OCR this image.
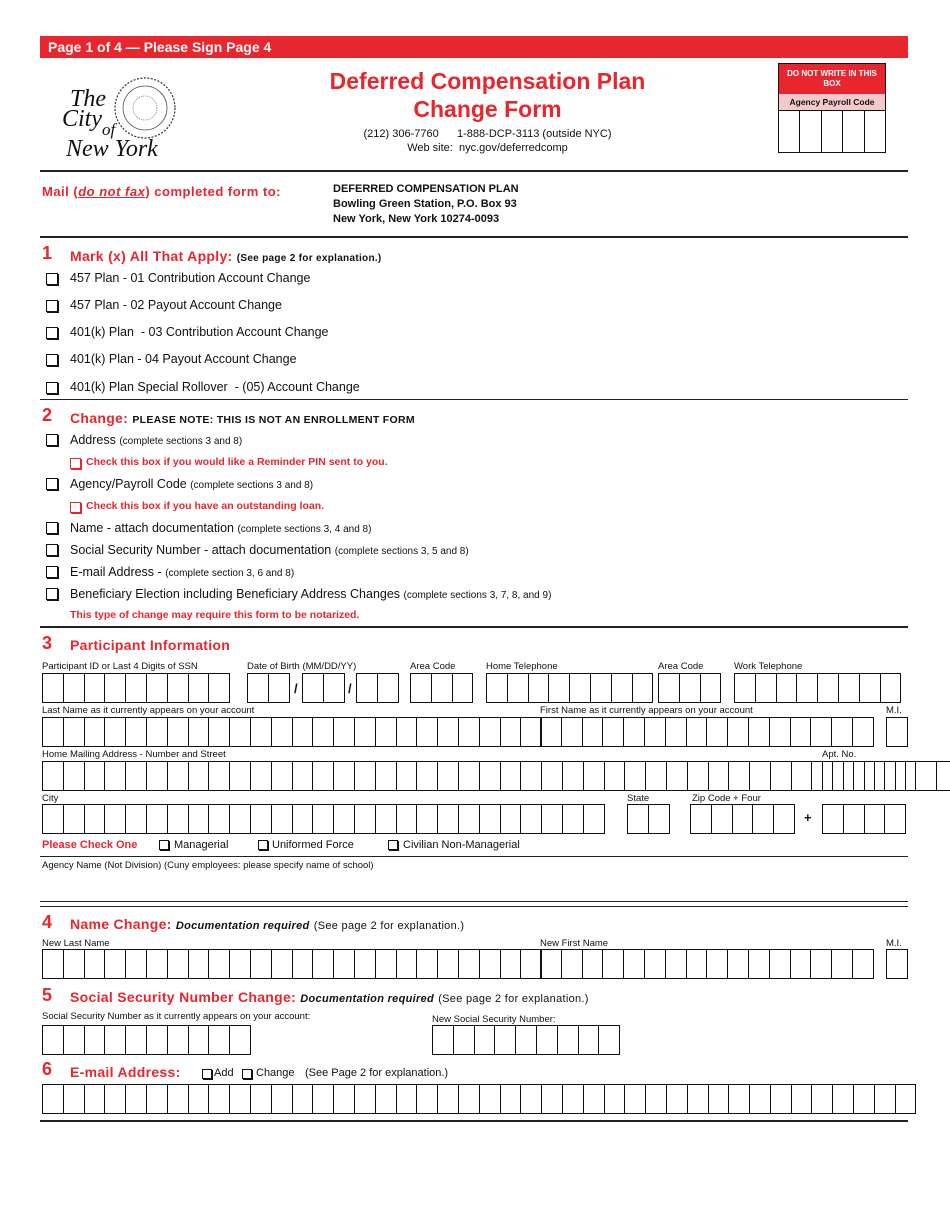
Page 1 of 4 — Please Sign Page 4
The
City of
New York
Deferred Compensation Plan
Change Form
(212) 306-7760      1-888-DCP-3113 (outside NYC)
Web site:  nyc.gov/deferredcomp
DO NOT WRITE IN THIS BOX
Agency Payroll Code
Mail (do not fax) completed form to:	DEFERRED COMPENSATION PLAN
Bowling Green Station, P.O. Box 93
New York, New York 10274-0093
1 Mark (x) All That Apply: (See page 2 for explanation.)
457 Plan - 01 Contribution Account Change
457 Plan - 02 Payout Account Change
401(k) Plan  - 03 Contribution Account Change
401(k) Plan - 04 Payout Account Change
401(k) Plan Special Rollover  - (05) Account Change
2 Change: PLEASE NOTE: THIS IS NOT AN ENROLLMENT FORM
Address (complete sections 3 and 8)
Check this box if you would like a Reminder PIN sent to you.
Agency/Payroll Code (complete sections 3 and 8)
Check this box if you have an outstanding loan.
Name - attach documentation (complete sections 3, 4 and 8)
Social Security Number - attach documentation (complete sections 3, 5 and 8)
E-mail Address - (complete section 3, 6 and 8)
Beneficiary Election including Beneficiary Address Changes (complete sections 3, 7, 8, and 9)
This type of change may require this form to be notarized.
3 Participant Information
Participant ID or Last 4 Digits of SSN	Date of Birth (MM/DD/YY)	Area Code	Home Telephone	Area Code	Work Telephone
/	/
Last Name as it currently appears on your account	First Name as it currently appears on your account	M.I.
Home Mailing Address - Number and Street	Apt. No.
City	State	Zip Code + Four
+
Please Check One	Managerial	Uniformed Force	Civilian Non-Managerial
Agency Name (Not Division) (Cuny employees: please specify name of school)
4 Name Change: Documentation required (See page 2 for explanation.)
New Last Name	New First Name	M.I.
5 Social Security Number Change: Documentation required (See page 2 for explanation.)
Social Security Number as it currently appears on your account:	New Social Security Number:
6 E-mail Address:	Add Change (See Page 2 for explanation.)
